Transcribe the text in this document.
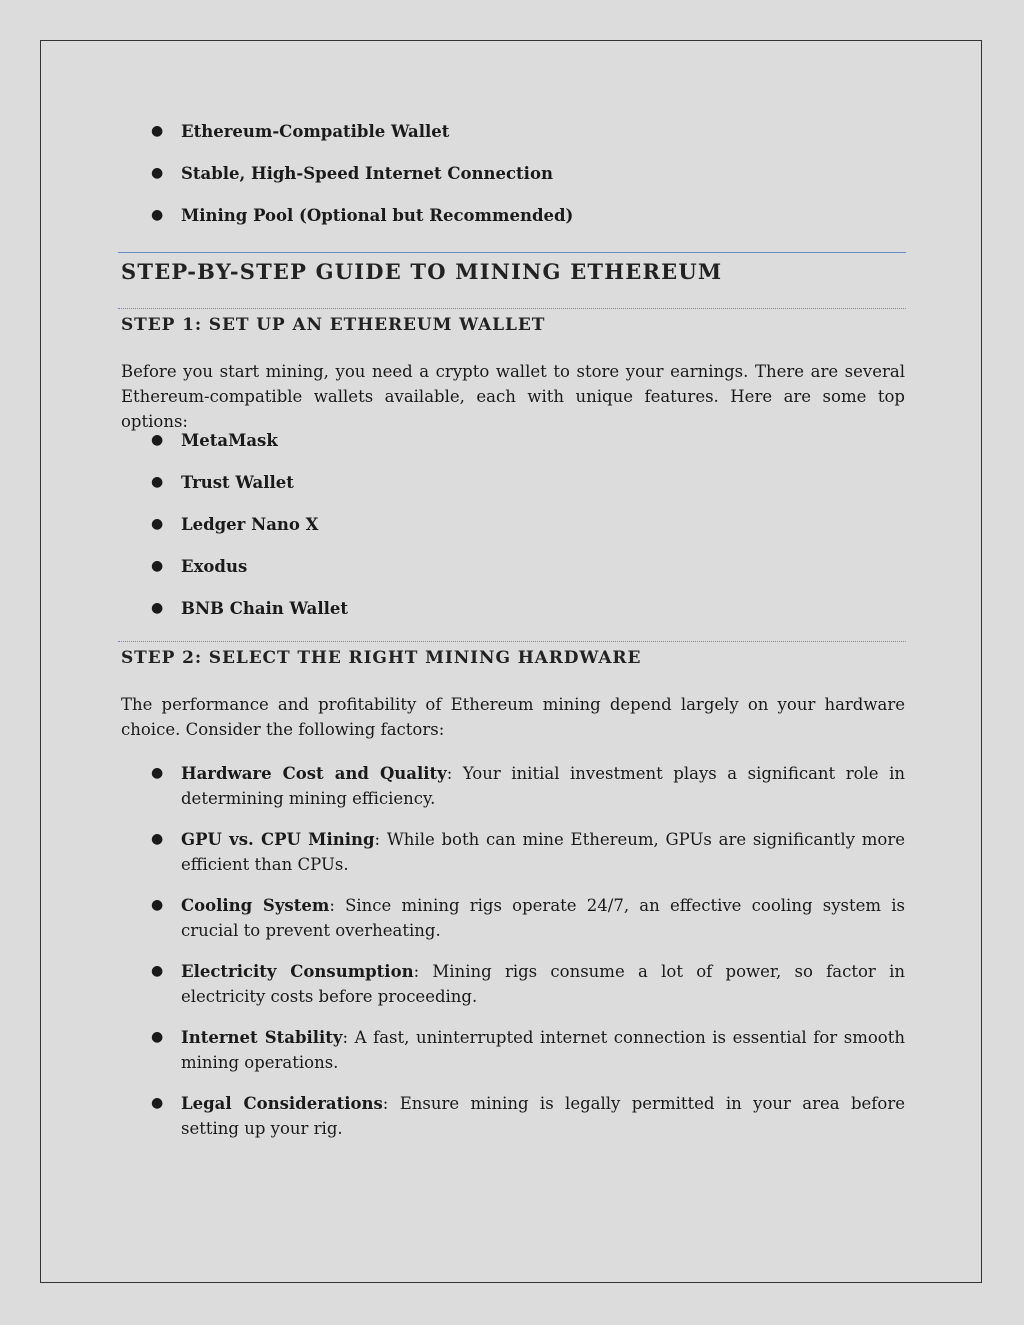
● Ethereum-Compatible Wallet
● Stable, High-Speed Internet Connection
● Mining Pool (Optional but Recommended)
STEP-BY-STEP GUIDE TO MINING ETHEREUM
STEP 1: SET UP AN ETHEREUM WALLET
Before you start mining, you need a crypto wallet to store your earnings. There are several Ethereum-compatible wallets available, each with unique features. Here are some top options:
● MetaMask
● Trust Wallet
● Ledger Nano X
● Exodus
● BNB Chain Wallet
STEP 2: SELECT THE RIGHT MINING HARDWARE
The performance and profitability of Ethereum mining depend largely on your hardware choice. Consider the following factors:
● Hardware Cost and Quality: Your initial investment plays a significant role in determining mining efficiency.
● GPU vs. CPU Mining: While both can mine Ethereum, GPUs are significantly more efficient than CPUs.
● Cooling System: Since mining rigs operate 24/7, an effective cooling system is crucial to prevent overheating.
● Electricity Consumption: Mining rigs consume a lot of power, so factor in electricity costs before proceeding.
● Internet Stability: A fast, uninterrupted internet connection is essential for smooth mining operations.
● Legal Considerations: Ensure mining is legally permitted in your area before setting up your rig.
